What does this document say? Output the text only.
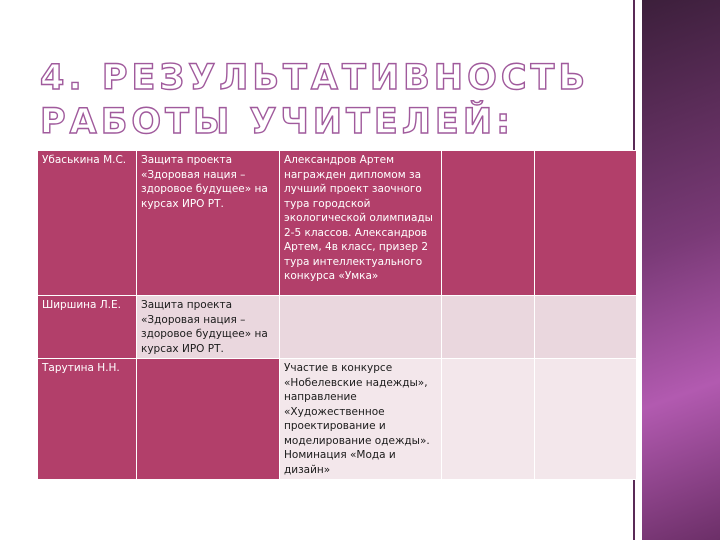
4. РЕЗУЛЬТАТИВНОСТЬ
РАБОТЫ УЧИТЕЛЕЙ:
Убаськина М.С.	Защита проекта «Здоровая нация – здоровое будущее» на курсах ИРО РТ.	Александров Артем награжден дипломом за лучший проект заочного тура городской экологической олимпиады 2-5 классов. Александров Артем, 4в класс, призер 2 тура интеллектуального конкурса «Умка»		
Ширшина Л.Е.	Защита проекта «Здоровая нация – здоровое будущее» на курсах ИРО РТ.			
Тарутина Н.Н.		Участие в конкурсе «Нобелевские надежды», направление «Художественное проектирование и моделирование одежды». Номинация «Мода и дизайн»		
